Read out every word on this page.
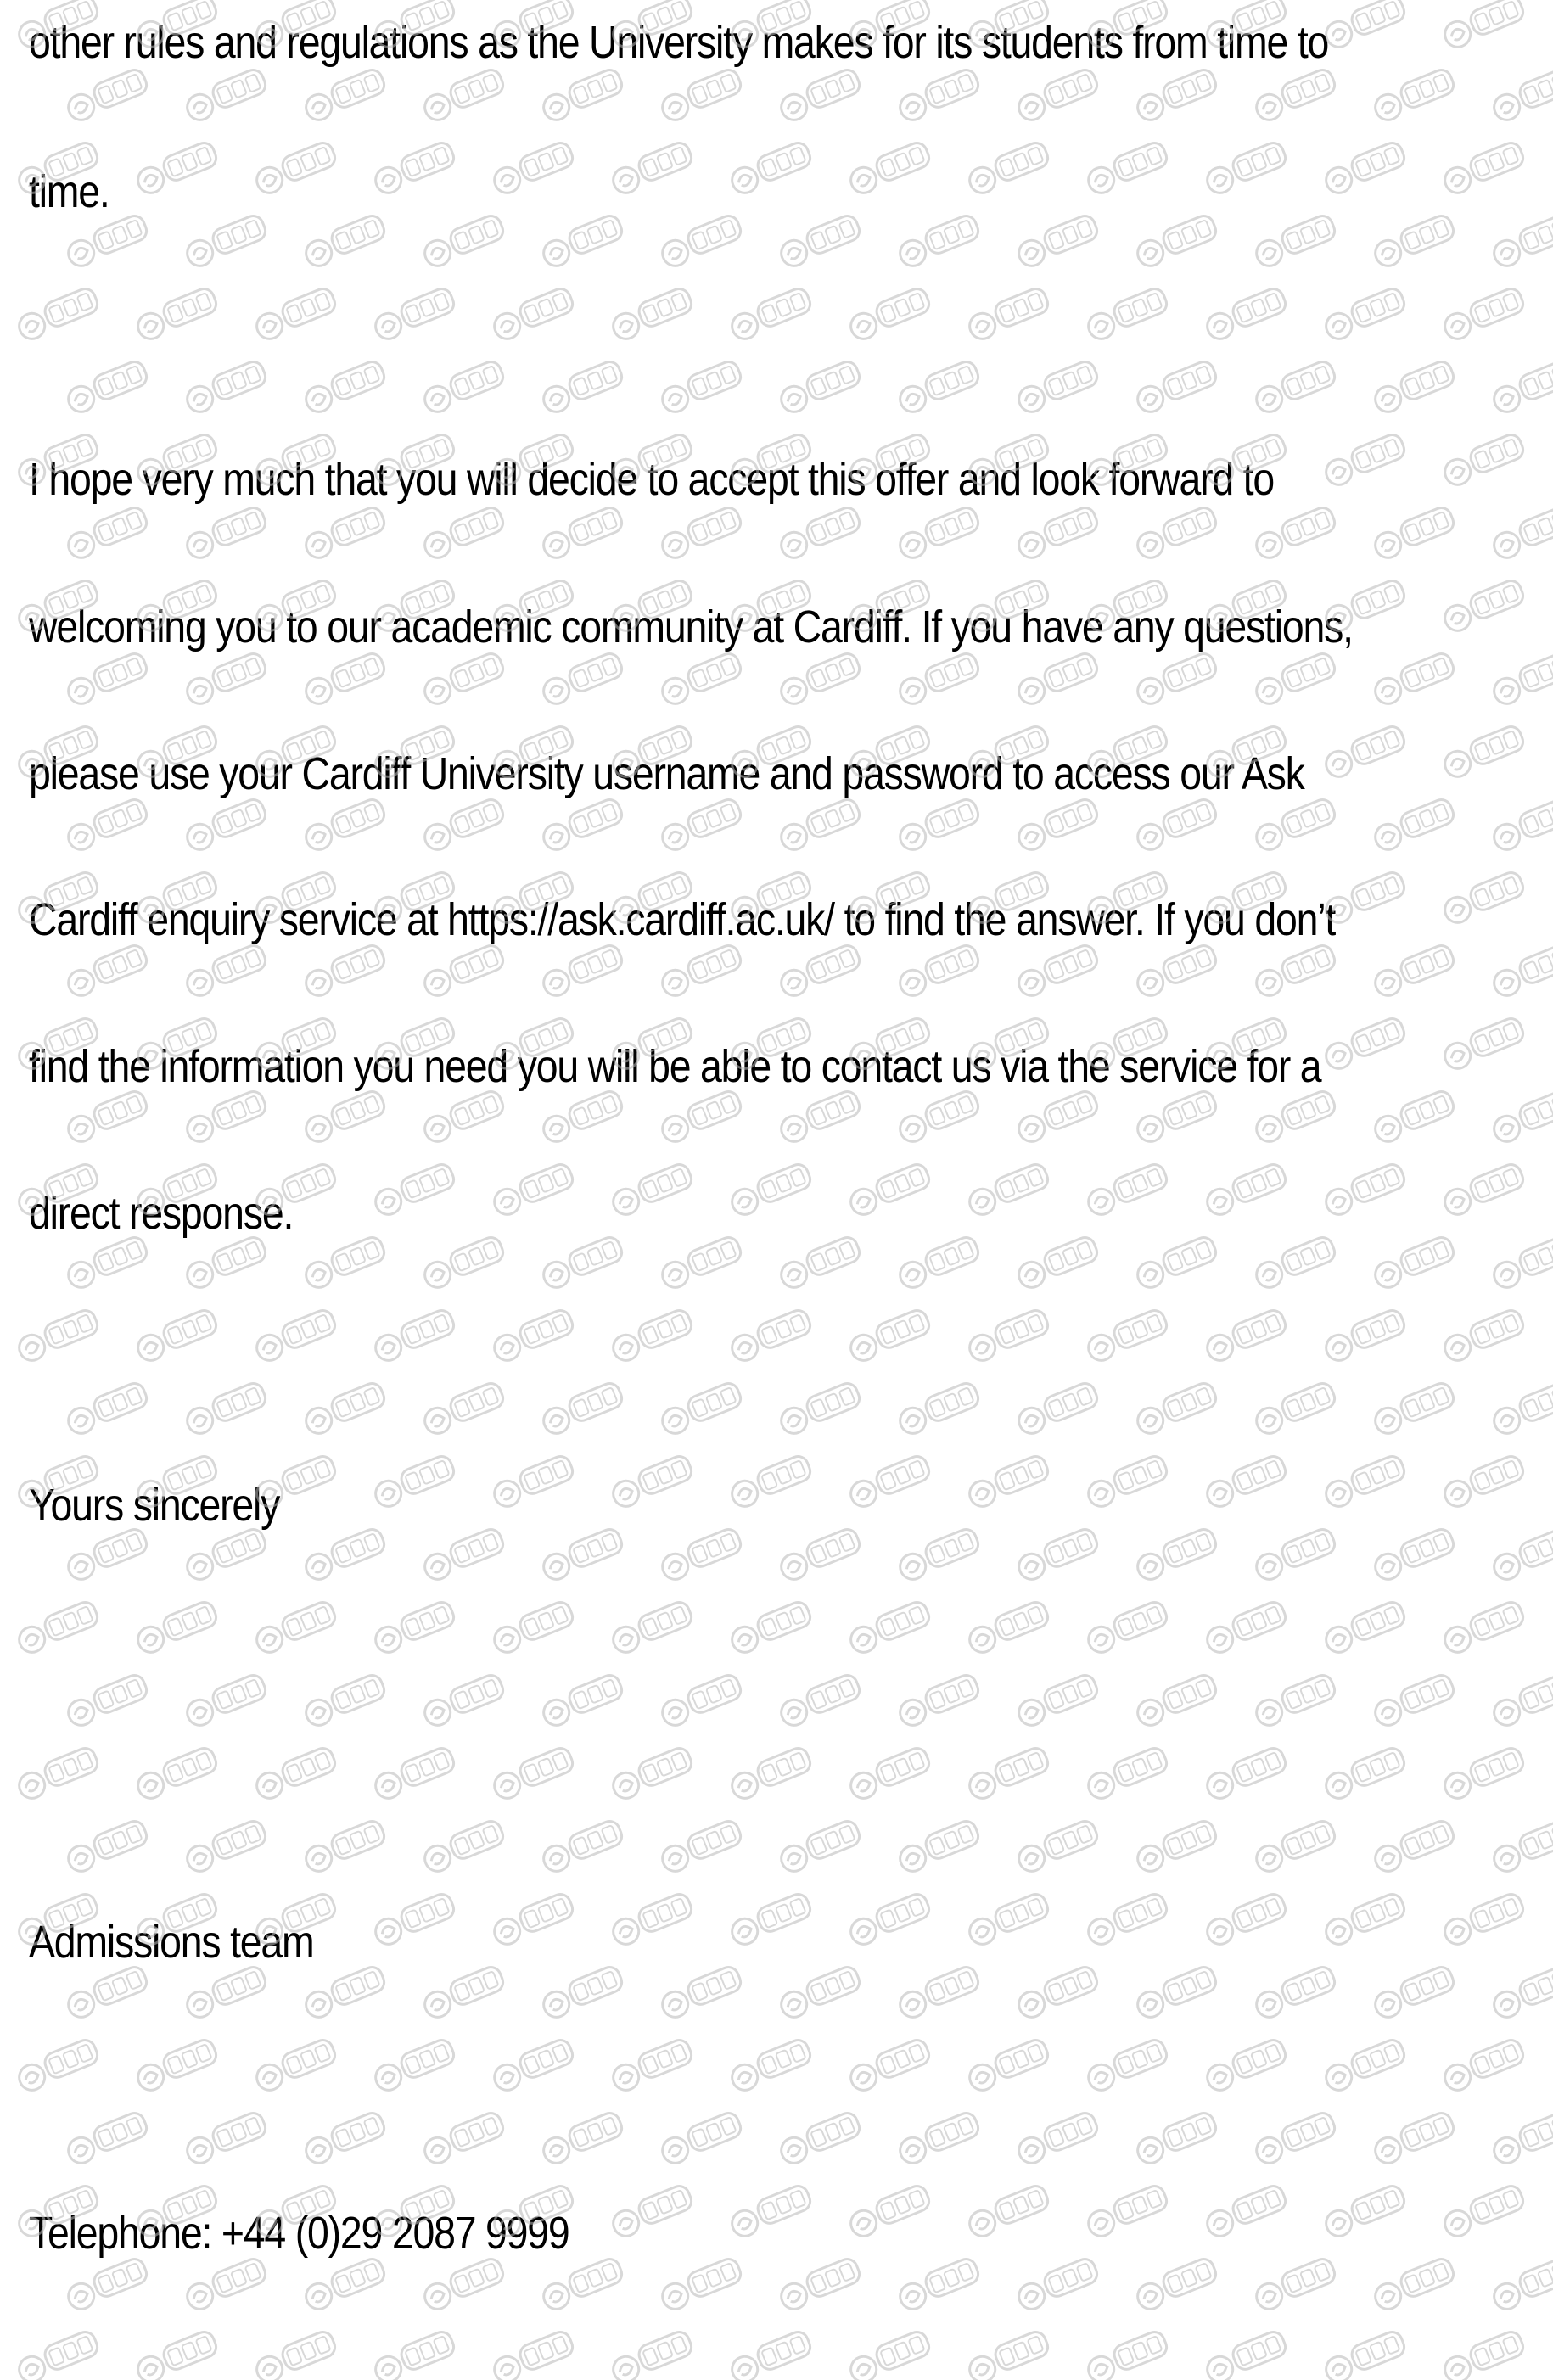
other rules and regulations as the University makes for its students from time to
time.
I hope very much that you will decide to accept this offer and look forward to
welcoming you to our academic community at Cardiff. If you have any questions,
please use your Cardiff University username and password to access our Ask
Cardiff enquiry service at https://ask.cardiff.ac.uk/ to find the answer. If you don’t
find the information you need you will be able to contact us via the service for a
direct response.
Yours sincerely
Admissions team
Telephone: +44 (0)29 2087 9999
